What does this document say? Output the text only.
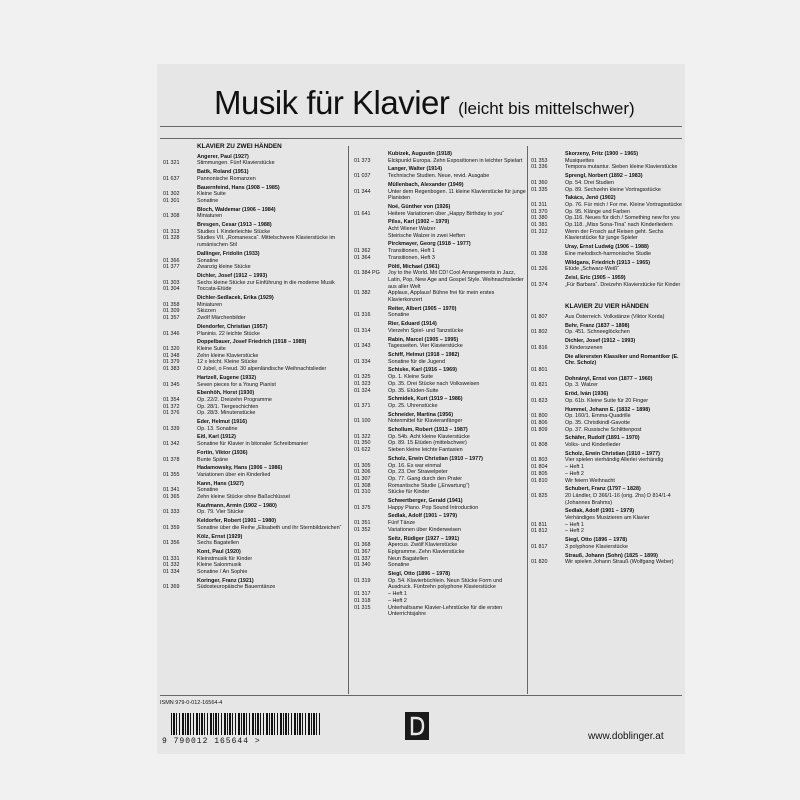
Musik für Klavier (leicht bis mittelschwer)
KLAVIER ZU ZWEI HÄNDEN
Angerer, Paul (1927)
01 321	Stimmungen. Fünf Klavierstücke
Batik, Roland (1951)
01 637	Pannonische Romanzen
Bauernfeind, Hans (1908 – 1985)
01 302	Kleine Suite
01 301	Sonatine
Bloch, Waldemar (1906 – 1984)
01 308	Miniaturen
Bresgen, Cesar (1913 – 1988)
01 313	Studies I. Kinderleichte Stücke
01 328	Studies VII. „Romanesca“. Mittelschwere Klavierstücke im rumänischen Stil
Dallinger, Fridolin (1933)
01 366	Sonatine
01 377	Zwanzig kleine Stücke
Dichler, Josef (1912 – 1993)
01 303	Sechs kleine Stücke zur Einführung in die moderne Musik
01 304	Toccata-Etüde
Dichler-Sedlacek, Erika (1929)
01 358	Miniaturen
01 309	Skizzen
01 357	Zwölf Märchenbilder
Diendorfer, Christian (1957)
01 346	Planinis. 22 leichte Stücke
Doppelbauer, Josef Friedrich (1918 – 1989)
01 320	Kleine Suite
01 348	Zehn kleine Klavierstücke
01 379	12 x leicht. Kleine Stücke
01 383	O Jubel, o Freud. 30 alpenländische Weihnachtslieder
Hartzell, Eugene (1932)
01 345	Seven pieces for a Young Pianist
Ebenhöh, Horst (1930)
01 354	Op. 22/2. Dreizehn Programme
01 372	Op. 28/1. Tiergeschichten
01 376	Op. 28/3. Minutenstücke
Eder, Helmut (1916)
01 339	Op. 13. Sonatine
Eitl, Karl (1912)
01 342	Sonatine für Klavier in bitonaler Schreibmanier
Fortin, Viktor (1936)
01 378	Bunte Späne
Hadamowsky, Hans (1906 – 1986)
01 355	Variationen über ein Kinderlied
Kann, Hans (1927)
01 341	Sonatine
01 365	Zehn kleine Stücke ohne Baßschlüssel
Kaufmann, Armin (1902 – 1980)
01 333	Op. 79. Vier Stücke
Keldorfer, Robert (1901 – 1980)
01 359	Sonatine über die Reihe „Elisabeth und ihr Sternbildzeichen“
Kölz, Ernst (1929)
01 356	Sechs Bagatellen
Kont, Paul (1920)
01 331	Kleinstmusik für Kinder
01 332	Kleine Salonmusik
01 334	Sonatine / An Sophie
Koringer, Franz (1921)
01 369	Südosteuropäische Bauerntänze
Kubizek, Augustin (1918)
01 373	Elckpunkt Europa. Zehn Expositionen in leichter Spielart
Langer, Walter (1914)
01 037	Technische Studien. Neue, revid. Ausgabe
Müllenbach, Alexander (1949)
01 344	Unter dem Regenbogen. 11 kleine Klavierstücke für junge Pianisten
Noé, Günther von (1926)
01 641	Heitere Variationen über „Happy Birthday to you“
Pilss, Karl (1902 – 1979)
Acht Wiener Walzer
Steirische Walzer in zwei Heften
Pirckmayer, Georg (1918 – 1977)
01 362	Transitionen, Heft 1
01 364	Transitionen, Heft 3
Pöltl, Michael (1961)
01 384 PG	Joy to the World. Mit CD! Cool Arrangements in Jazz, Latin, Pop, New Age and Gospel Style. Weihnachtslieder aus aller Welt
01 382	Applaus, Applaus! Bühne frei für mein erstes Klavierkonzert
Reiter, Albert (1905 – 1970)
01 316	Sonatine
Rier, Eduard (1914)
01 314	Vierzehn Spiel- und Tanzstücke
Rabin, Marcel (1905 – 1995)
01 343	Tagesseiten. Vier Klavierstücke
Schiff, Helmut (1918 – 1982)
01 334	Sonatine für die Jugend
Schiske, Karl (1916 – 1969)
01 325	Op. 1. Kleine Suite
01 323	Op. 35. Drei Stücke nach Volksweisen
01 324	Op. 35. Etüden-Suite
Schmidek, Kurt (1919 – 1986)
01 371	Op. 25. Uhrenstücke
Schneider, Martina (1956)
01 100	Notenmittel für Klavieranfänger
Schollum, Robert (1913 – 1987)
01 322	Op. 54b. Acht kleine Klavierstücke
01 350	Op. 89. 15 Etüden (mittelschwer)
01 622	Sieben kleine leichte Fantasien
Scholz, Erwin Christian (1910 – 1977)
01 305	Op. 16. Es war einmal
01 306	Op. 23. Der Strawelpeter
01 307	Op. 77. Gang durch den Prater
01 308	Romantische Studie („Erwartung“)
01 310	Stücke für Kinder
Schwertberger, Gerald (1941)
01 375	Happy Piano. Pop Sound Introduction
Sedlak, Adolf (1901 – 1979)
01 351	Fünf Tänze
01 352	Variationen über Kinderweisen
Seitz, Rüdiger (1927 – 1991)
01 368	Apercus. Zwölf Klavierstücke
01 367	Epigramme. Zehn Klavierstücke
01 337	Neun Bagatellen
01 340	Sonatine
Siegl, Otto (1896 – 1978)
01 319	Op. 54. Klavierbüchlein. Neun Stücke Form und Ausdruck. Fünfzehn polyphone Klavierstücke
01 317	– Heft 1
01 318	– Heft 2
01 315	Unterhaltsame Klavier-Lehrstücke für die ersten Unterrichtsjahre
Skorzeny, Fritz (1900 – 1965)
01 353	Musiquettes
01 336	Tempora mutantur. Sieben kleine Klavierstücke
Sprengl, Norbert (1892 – 1983)
01 360	Op. 54. Drei Studien
01 335	Op. 89. Sechzehn kleine Vortragsstücke
Takács, Jenö (1902)
01 311	Op. 76. Für mich / For me. Kleine Vortragsstücke
01 370	Op. 95. Klänge und Farben
01 380	Op.116. Neues für dich / Something new for you
01 381	Op.118. „Miss Sona-Tina“ nach Kinderliedern
01 312	Wenn der Frosch auf Reisen geht. Sechs Klavierstücke für junge Spieler
Uray, Ernst Ludwig (1906 – 1988)
01 338	Eine melodisch-harmonische Studie
Wildgans, Friedrich (1913 – 1965)
01 326	Etüde „Schwarz-Weiß“
Zeisl, Eric (1905 – 1959)
01 374	„Für Barbara“. Dreizehn Klavierstücke für Kinder
KLAVIER ZU VIER HÄNDEN
01 807	Aus Österreich. Volkstänze (Viktor Korda)
Behr, Franz (1837 – 1898)
01 802	Op. 451. Schneeglöckchen
Dichler, Josef (1912 – 1993)
01 816	3 Kinderszenen
Die allerersten Klassiker und Romantiker (E. Chr. Scholz)
01 801
Dohnányi, Ernst von (1877 – 1960)
01 821	Op. 3. Walzer
Eröd, Iván (1936)
01 823	Op. 61b. Kleine Suite für 20 Finger
Hummel, Johann E. (1832 – 1898)
01 800	Op. 160/1. Emma-Quadrille
01 806	Op. 35. Christkindl-Gavotte
01 809	Op. 37. Russische Schlittenpost
Schäfer, Rudolf (1891 – 1970)
01 808	Volks- und Kinderlieder
Scholz, Erwin Christian (1910 – 1977)
01 803	Vier spielen vierhändig Allerlei vierhändig
01 804	– Heft 1
01 805	– Heft 2
01 810	Wir feiern Weihnacht
Schubert, Franz (1797 – 1828)
01 825	20 Ländler, D 366/1-16 (orig. 2hs) D 814/1-4 (Johannes Brahms)
Sedlak, Adolf (1901 – 1979)
Verhändiges Musizieren am Klavier
01 811	– Heft 1
01 812	– Heft 2
Siegl, Otto (1896 – 1978)
01 817	3 polyphone Klavierstücke
Strauß, Johann (Sohn) (1825 – 1899)
01 820	Wir spielen Johann Strauß (Wolfgang Weber)
ISMN 979-0-012-16564-4
9 790012 165644 >	www.doblinger.at
